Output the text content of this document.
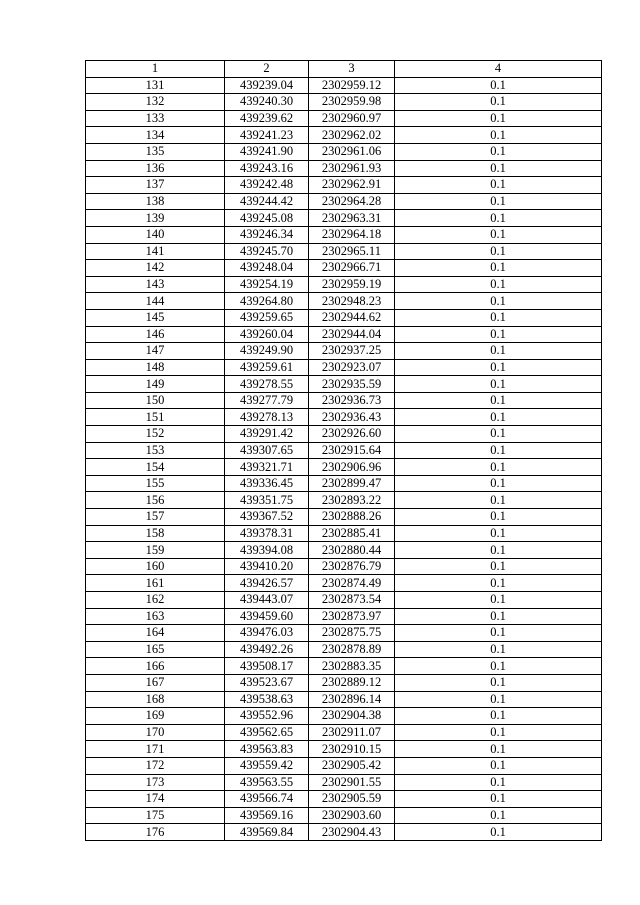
1	2	3	4
131	439239.04	2302959.12	0.1
132	439240.30	2302959.98	0.1
133	439239.62	2302960.97	0.1
134	439241.23	2302962.02	0.1
135	439241.90	2302961.06	0.1
136	439243.16	2302961.93	0.1
137	439242.48	2302962.91	0.1
138	439244.42	2302964.28	0.1
139	439245.08	2302963.31	0.1
140	439246.34	2302964.18	0.1
141	439245.70	2302965.11	0.1
142	439248.04	2302966.71	0.1
143	439254.19	2302959.19	0.1
144	439264.80	2302948.23	0.1
145	439259.65	2302944.62	0.1
146	439260.04	2302944.04	0.1
147	439249.90	2302937.25	0.1
148	439259.61	2302923.07	0.1
149	439278.55	2302935.59	0.1
150	439277.79	2302936.73	0.1
151	439278.13	2302936.43	0.1
152	439291.42	2302926.60	0.1
153	439307.65	2302915.64	0.1
154	439321.71	2302906.96	0.1
155	439336.45	2302899.47	0.1
156	439351.75	2302893.22	0.1
157	439367.52	2302888.26	0.1
158	439378.31	2302885.41	0.1
159	439394.08	2302880.44	0.1
160	439410.20	2302876.79	0.1
161	439426.57	2302874.49	0.1
162	439443.07	2302873.54	0.1
163	439459.60	2302873.97	0.1
164	439476.03	2302875.75	0.1
165	439492.26	2302878.89	0.1
166	439508.17	2302883.35	0.1
167	439523.67	2302889.12	0.1
168	439538.63	2302896.14	0.1
169	439552.96	2302904.38	0.1
170	439562.65	2302911.07	0.1
171	439563.83	2302910.15	0.1
172	439559.42	2302905.42	0.1
173	439563.55	2302901.55	0.1
174	439566.74	2302905.59	0.1
175	439569.16	2302903.60	0.1
176	439569.84	2302904.43	0.1
